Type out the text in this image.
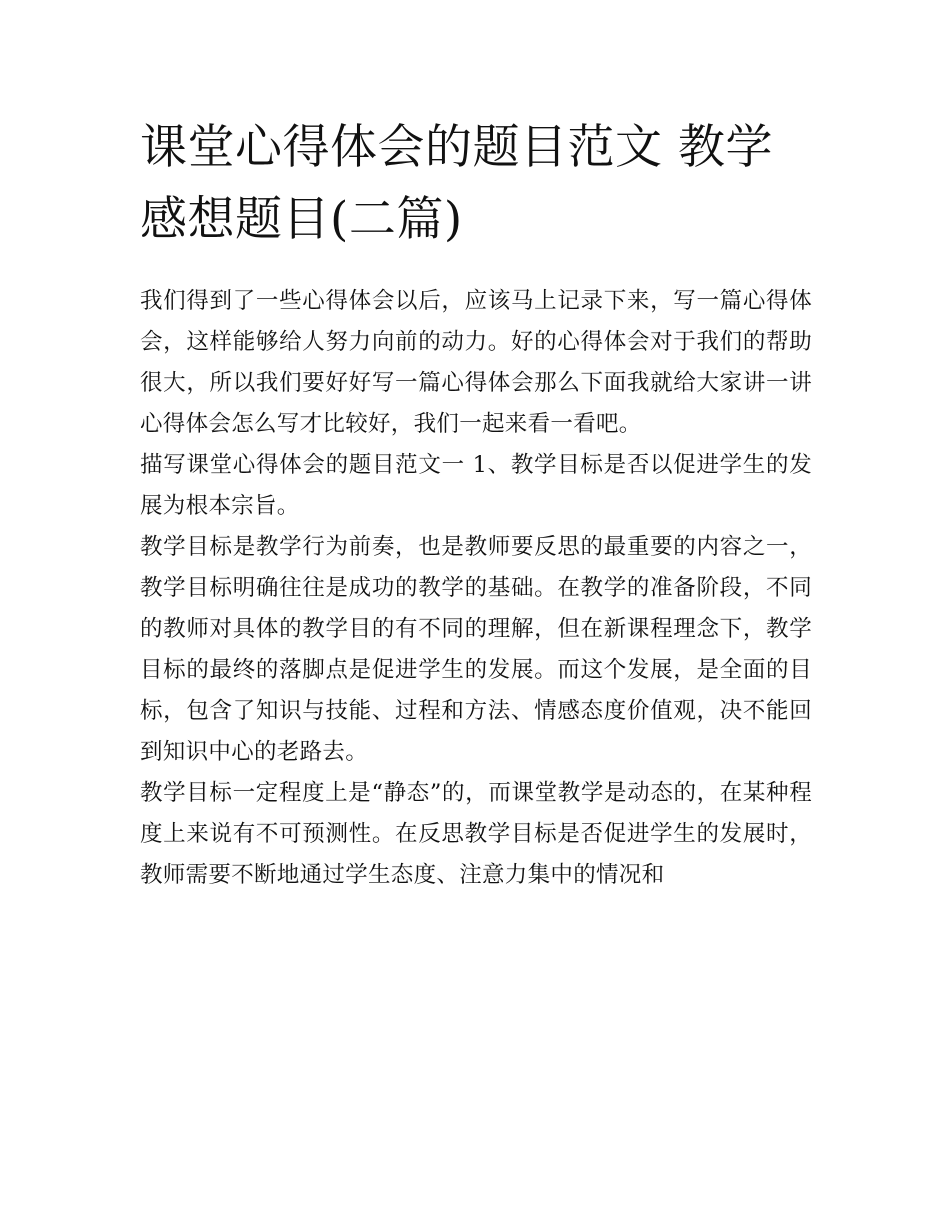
课堂心得体会的题目范文 教学感想题目(二篇)

我们得到了一些心得体会以后，应该马上记录下来，写一篇心得体会，这样能够给人努力向前的动力。好的心得体会对于我们的帮助很大，所以我们要好好写一篇心得体会那么下面我就给大家讲一讲心得体会怎么写才比较好，我们一起来看一看吧。

描写课堂心得体会的题目范文一 1、教学目标是否以促进学生的发展为根本宗旨。

教学目标是教学行为前奏，也是教师要反思的最重要的内容之一，教学目标明确往往是成功的教学的基础。在教学的准备阶段，不同的教师对具体的教学目的有不同的理解，但在新课程理念下，教学目标的最终的落脚点是促进学生的发展。而这个发展，是全面的目标，包含了知识与技能、过程和方法、情感态度价值观，决不能回到知识中心的老路去。

教学目标一定程度上是“静态”的，而课堂教学是动态的，在某种程度上来说有不可预测性。在反思教学目标是否促进学生的发展时，教师需要不断地通过学生态度、注意力集中的情况和
